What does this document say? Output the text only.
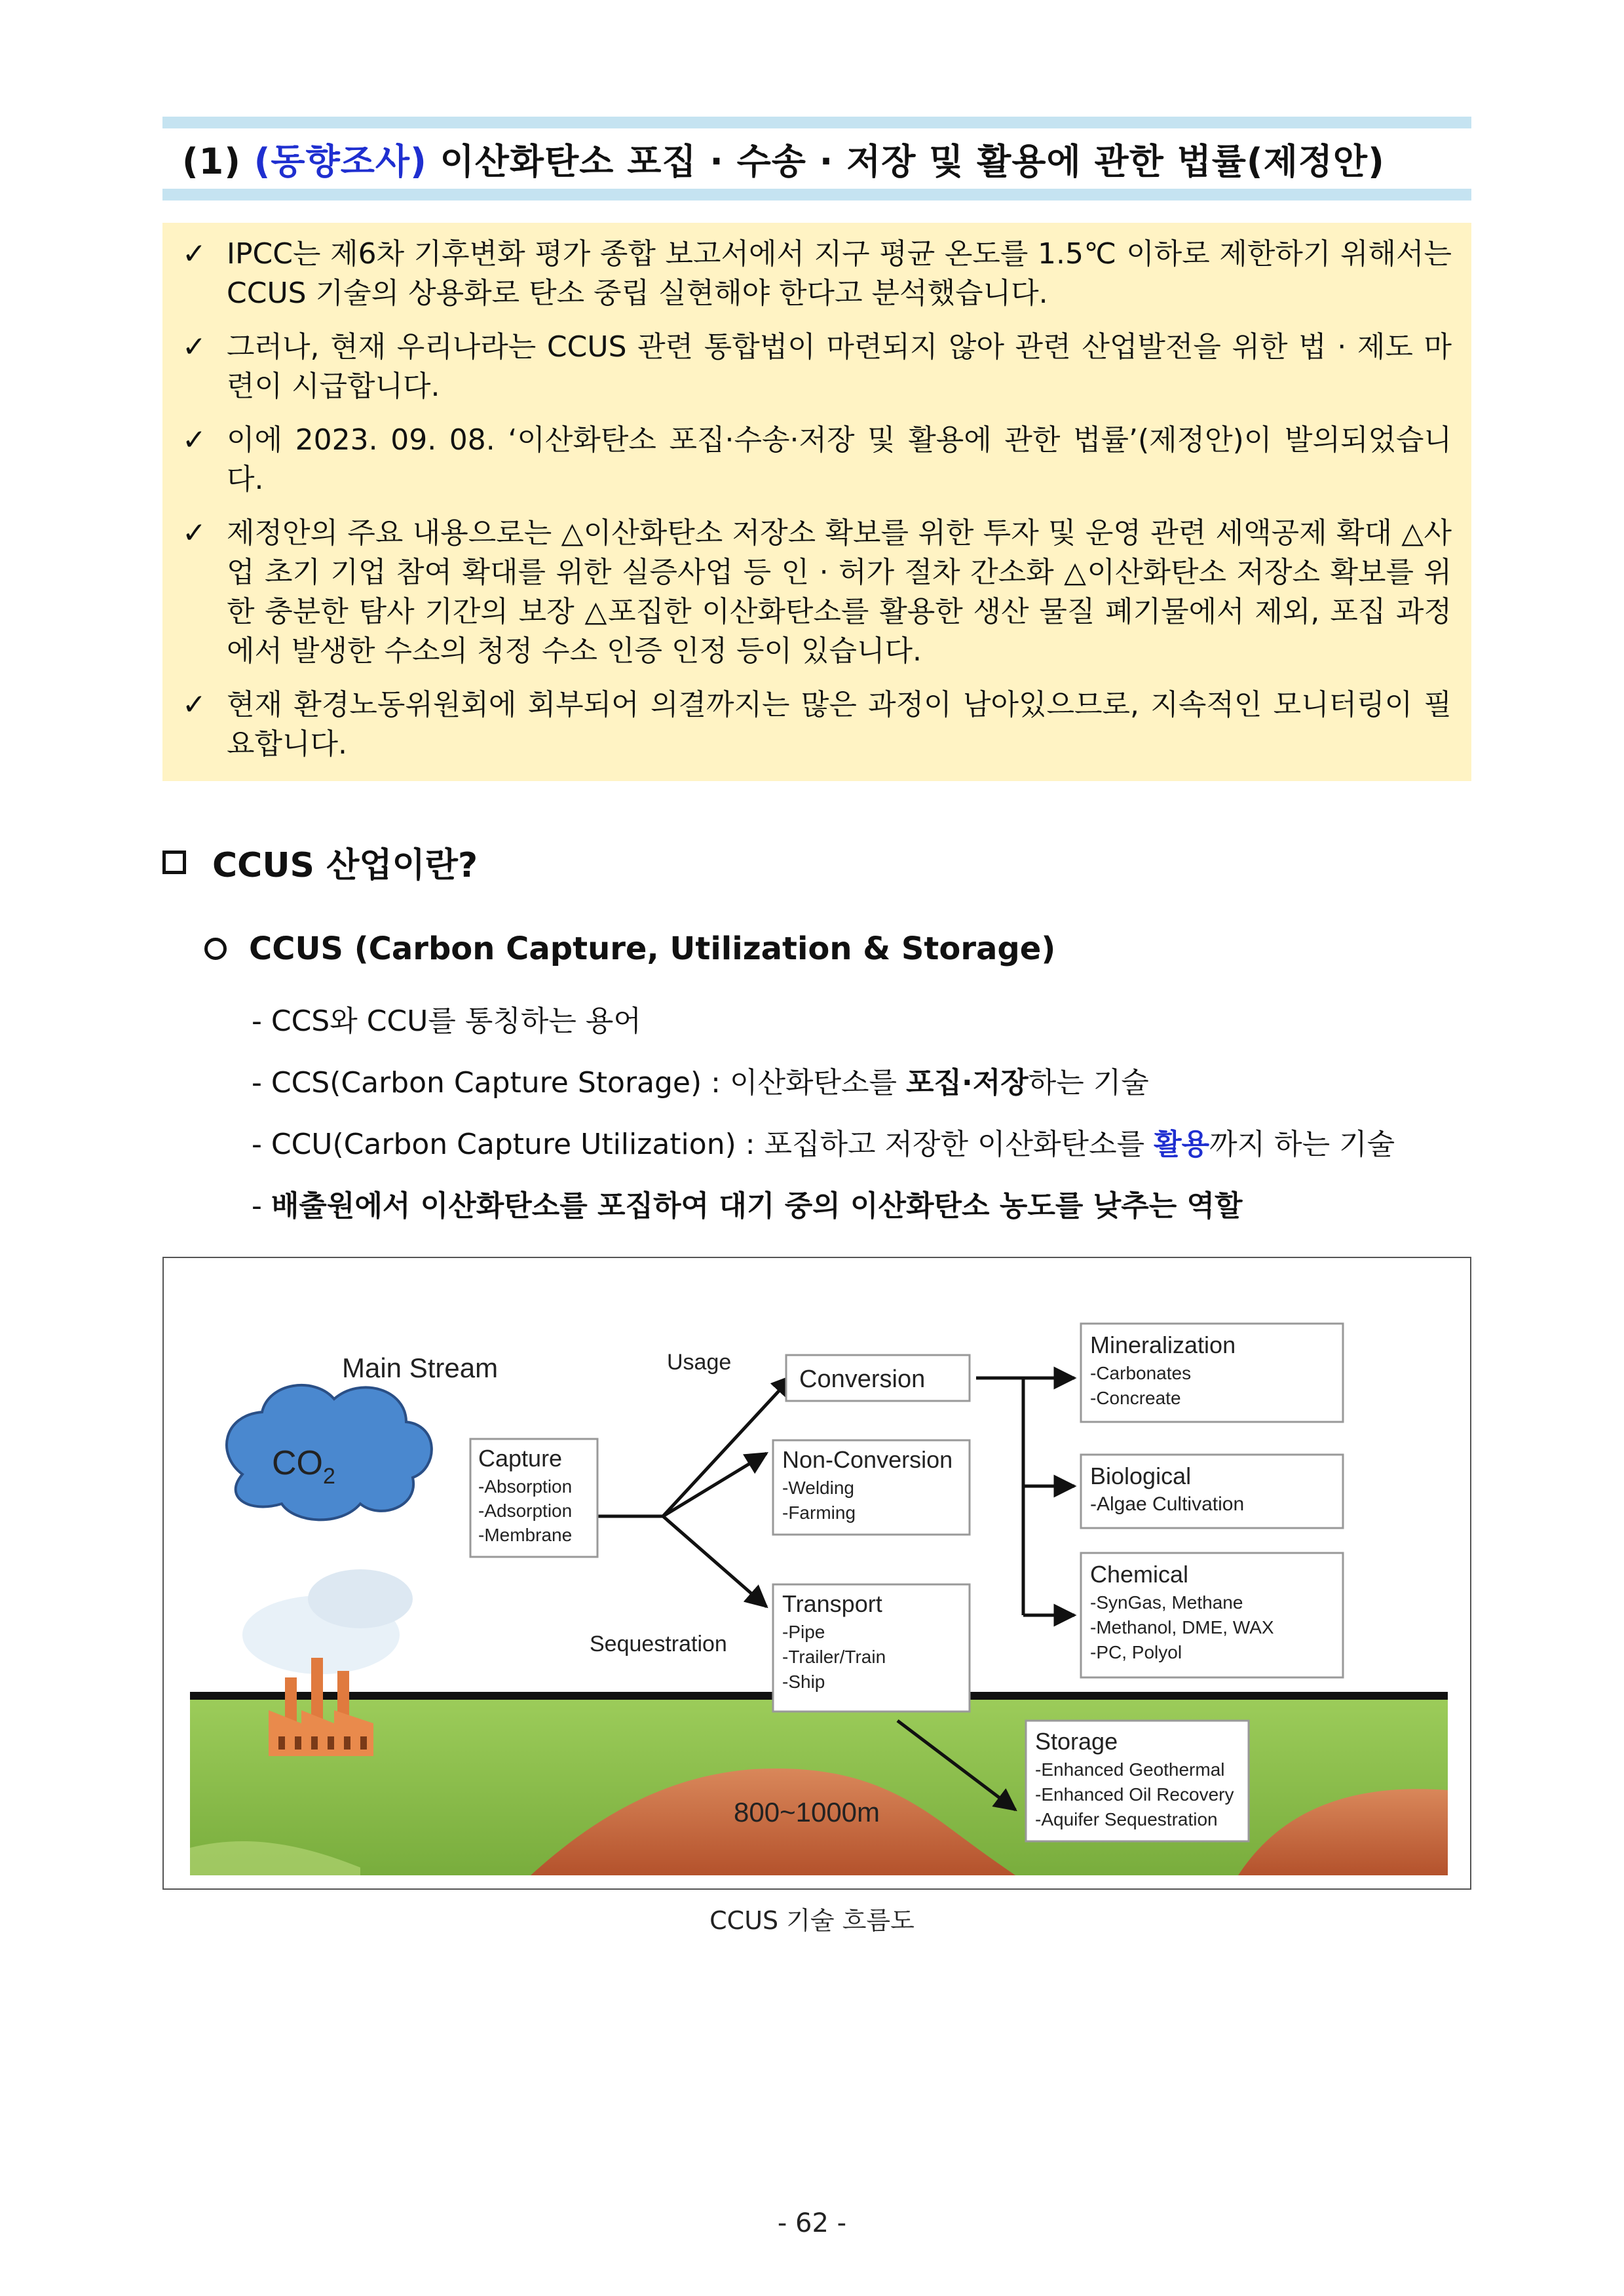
(1) (동향조사) 이산화탄소 포집 · 수송 · 저장 및 활용에 관한 법률(제정안)
✓ IPCC는 제6차 기후변화 평가 종합 보고서에서 지구 평균 온도를 1.5℃ 이하로 제한하기 위해서는 CCUS 기술의 상용화로 탄소 중립 실현해야 한다고 분석했습니다.
✓ 그러나, 현재 우리나라는 CCUS 관련 통합법이 마련되지 않아 관련 산업발전을 위한 법 · 제도 마련이 시급합니다.
✓ 이에 2023. 09. 08. ‘이산화탄소 포집·수송·저장 및 활용에 관한 법률’(제정안)이 발의되었습니다.
✓ 제정안의 주요 내용으로는 △이산화탄소 저장소 확보를 위한 투자 및 운영 관련 세액공제 확대 △사업 초기 기업 참여 확대를 위한 실증사업 등 인 · 허가 절차 간소화 △이산화탄소 저장소 확보를 위한 충분한 탐사 기간의 보장 △포집한 이산화탄소를 활용한 생산 물질 폐기물에서 제외, 포집 과정에서 발생한 수소의 청정 수소 인증 인정 등이 있습니다.
✓ 현재 환경노동위원회에 회부되어 의결까지는 많은 과정이 남아있으므로, 지속적인 모니터링이 필요합니다.
CCUS 산업이란?
CCUS (Carbon Capture, Utilization & Storage)
- CCS와 CCU를 통칭하는 용어
- CCS(Carbon Capture Storage) : 이산화탄소를 포집·저장하는 기술
- CCU(Carbon Capture Utilization) : 포집하고 저장한 이산화탄소를 활용까지 하는 기술
- 배출원에서 이산화탄소를 포집하여 대기 중의 이산화탄소 농도를 낮추는 역할
800~1000m
$CO_2$
Main Stream	Usage
Sequestration
Capture
-Absorption
-Adsorption
-Membrane
Conversion
Non-Conversion
-Welding
-Farming
Transport
-Pipe
-Trailer/Train
-Ship
Mineralization
-Carbonates
-Concreate
Biological
-Algae Cultivation
Chemical
-SynGas, Methane
-Methanol, DME, WAX
-PC, Polyol
Storage
-Enhanced Geothermal
-Enhanced Oil Recovery
-Aquifer Sequestration
CCUS 기술 흐름도
- 62 -
